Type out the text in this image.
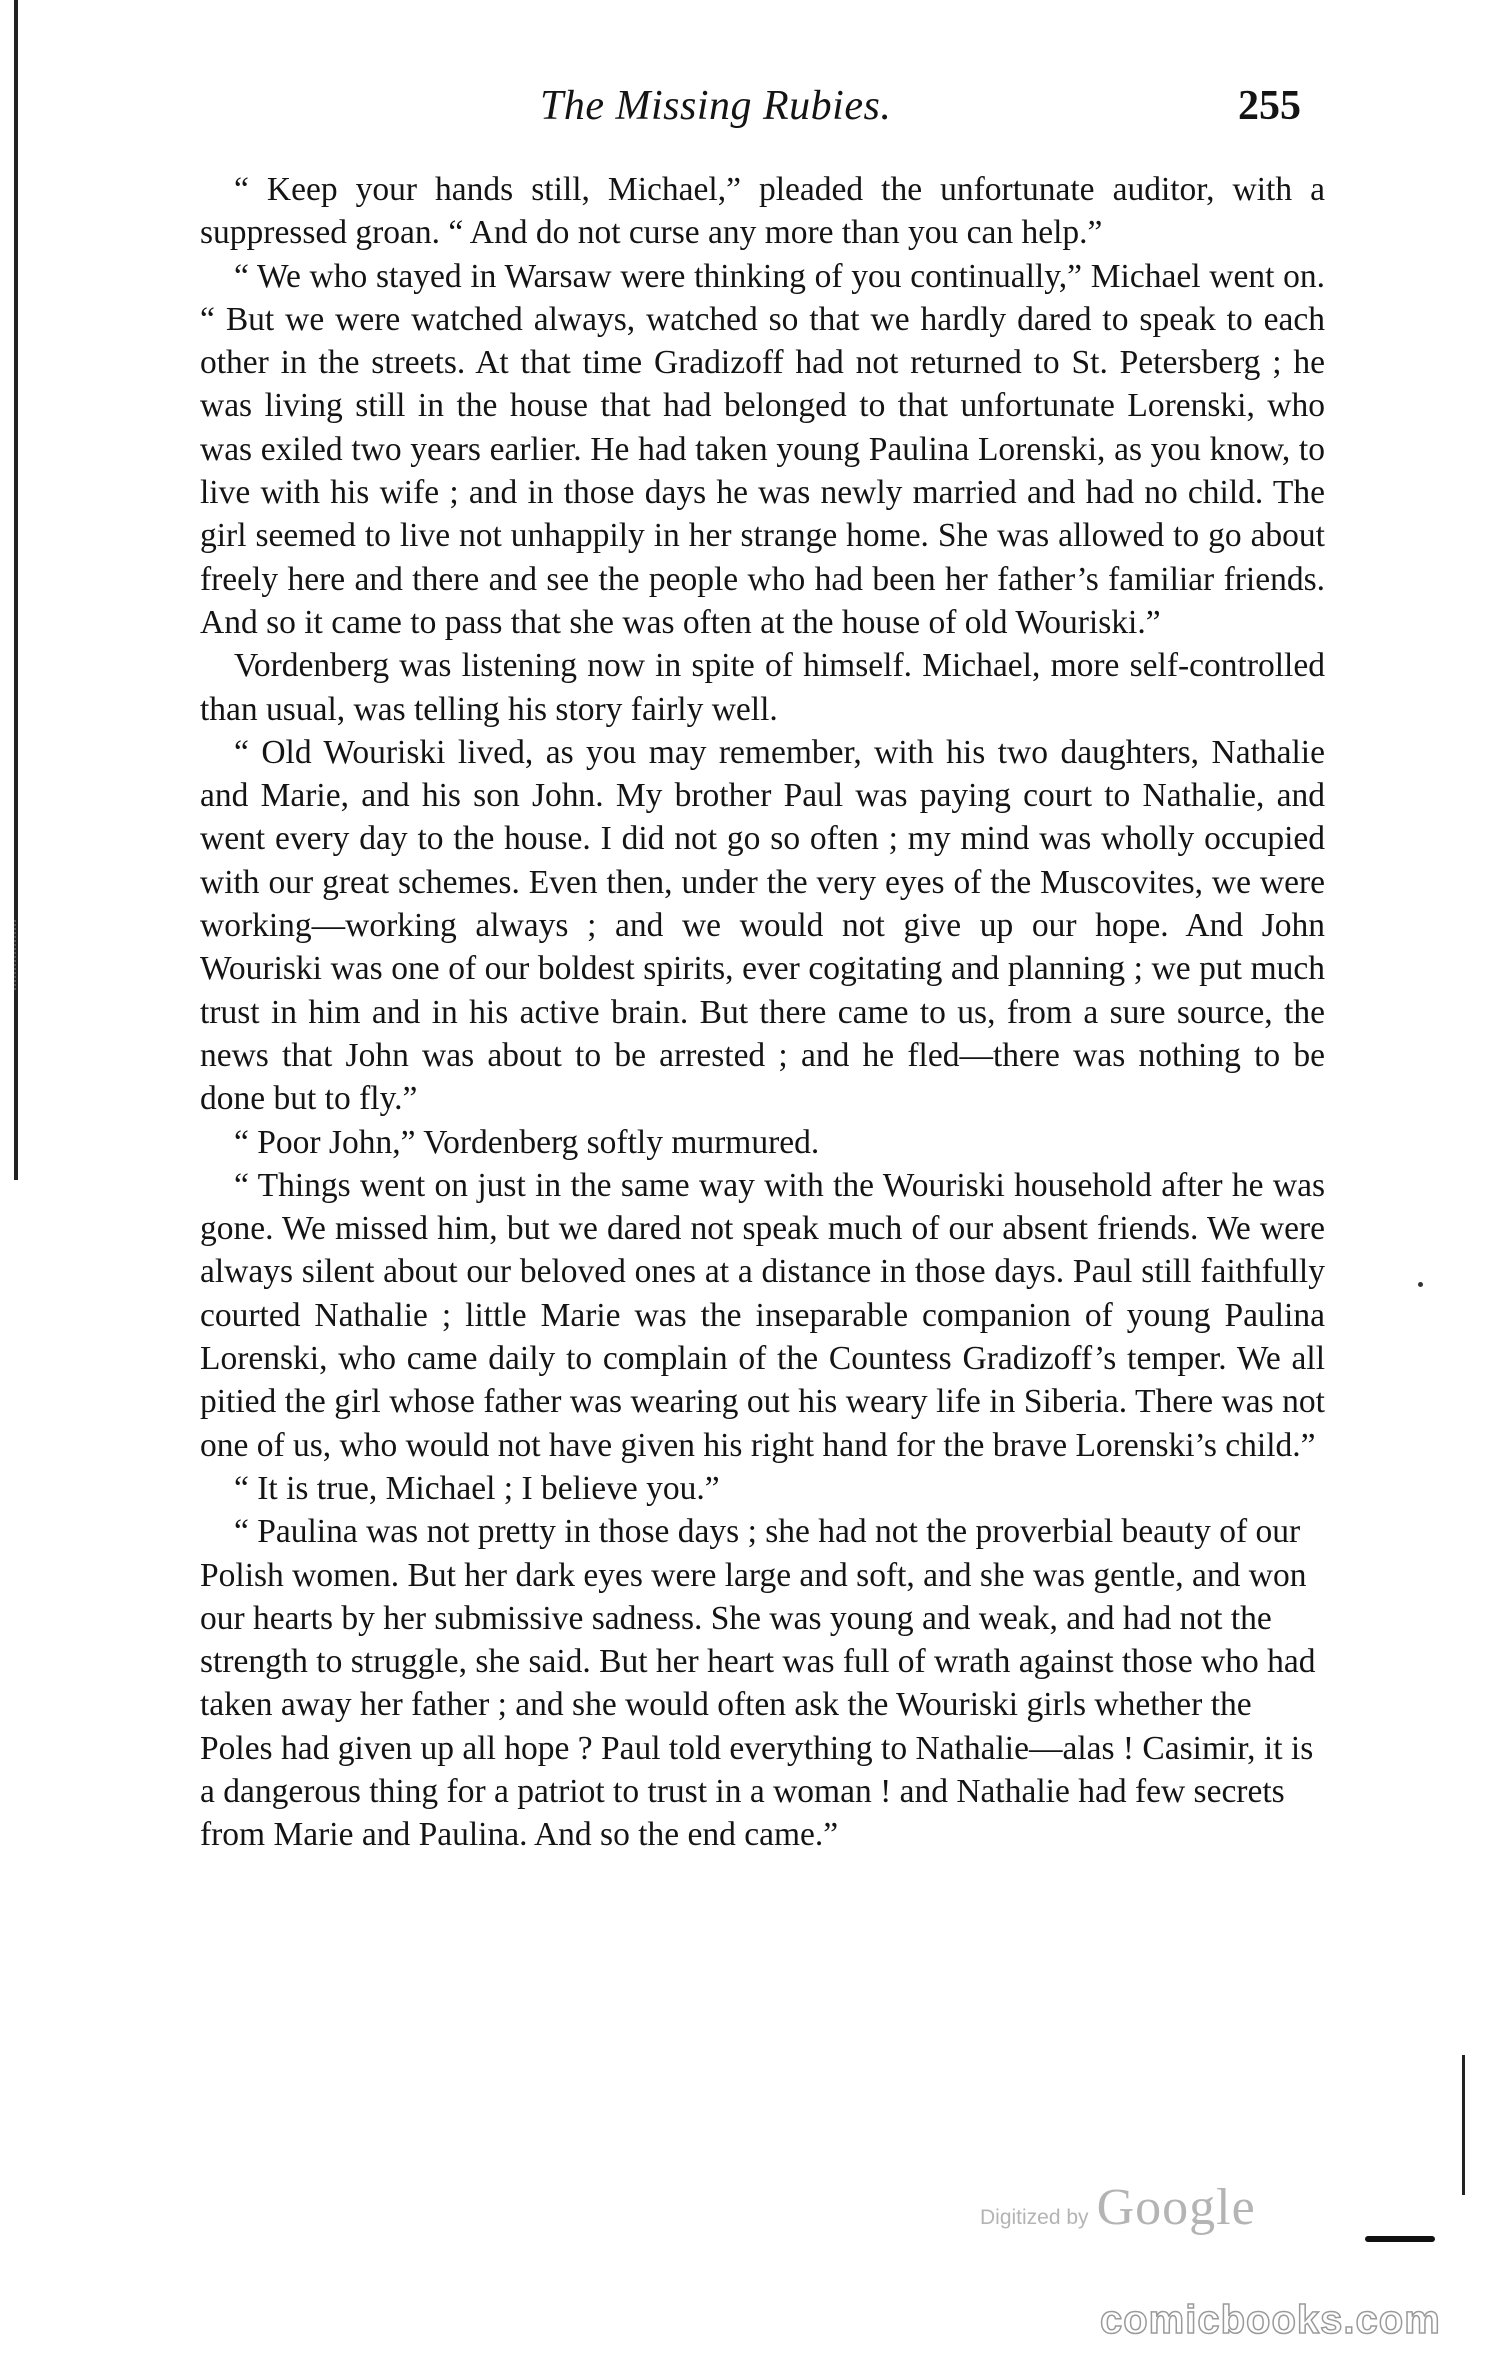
The Missing Rubies.	255

“ Keep your hands still, Michael,” pleaded the unfortunate auditor, with a suppressed groan. “ And do not curse any more than you can help.”

“ We who stayed in Warsaw were thinking of you continually,” Michael went on. “ But we were watched always, watched so that we hardly dared to speak to each other in the streets. At that time Gradizoff had not returned to St. Petersberg ; he was living still in the house that had belonged to that unfortunate Lorenski, who was exiled two years earlier. He had taken young Paulina Lorenski, as you know, to live with his wife ; and in those days he was newly married and had no child. The girl seemed to live not unhappily in her strange home. She was allowed to go about freely here and there and see the people who had been her father’s familiar friends. And so it came to pass that she was often at the house of old Wouriski.”

Vordenberg was listening now in spite of himself. Michael, more self-controlled than usual, was telling his story fairly well.

“ Old Wouriski lived, as you may remember, with his two daughters, Nathalie and Marie, and his son John. My brother Paul was paying court to Nathalie, and went every day to the house. I did not go so often ; my mind was wholly occupied with our great schemes. Even then, under the very eyes of the Muscovites, we were working—working always ; and we would not give up our hope. And John Wouriski was one of our boldest spirits, ever cogitating and planning ; we put much trust in him and in his active brain. But there came to us, from a sure source, the news that John was about to be arrested ; and he fled—there was nothing to be done but to fly.”

“ Poor John,” Vordenberg softly murmured.

“ Things went on just in the same way with the Wouriski household after he was gone. We missed him, but we dared not speak much of our absent friends. We were always silent about our beloved ones at a distance in those days. Paul still faithfully courted Nathalie ; little Marie was the inseparable companion of young Paulina Lorenski, who came daily to complain of the Countess Gradizoff’s temper. We all pitied the girl whose father was wearing out his weary life in Siberia. There was not one of us, who would not have given his right hand for the brave Lorenski’s child.”

“ It is true, Michael ; I believe you.”

“ Paulina was not pretty in those days ; she had not the proverbial beauty of our Polish women. But her dark eyes were large and soft, and she was gentle, and won our hearts by her submissive sadness. She was young and weak, and had not the strength to struggle, she said. But her heart was full of wrath against those who had taken away her father ; and she would often ask the Wouriski girls whether the Poles had given up all hope ? Paul told everything to Nathalie—alas ! Casimir, it is a dangerous thing for a patriot to trust in a woman ! and Nathalie had few secrets from Marie and Paulina. And so the end came.”

Digitized by Google
comicbooks.com
